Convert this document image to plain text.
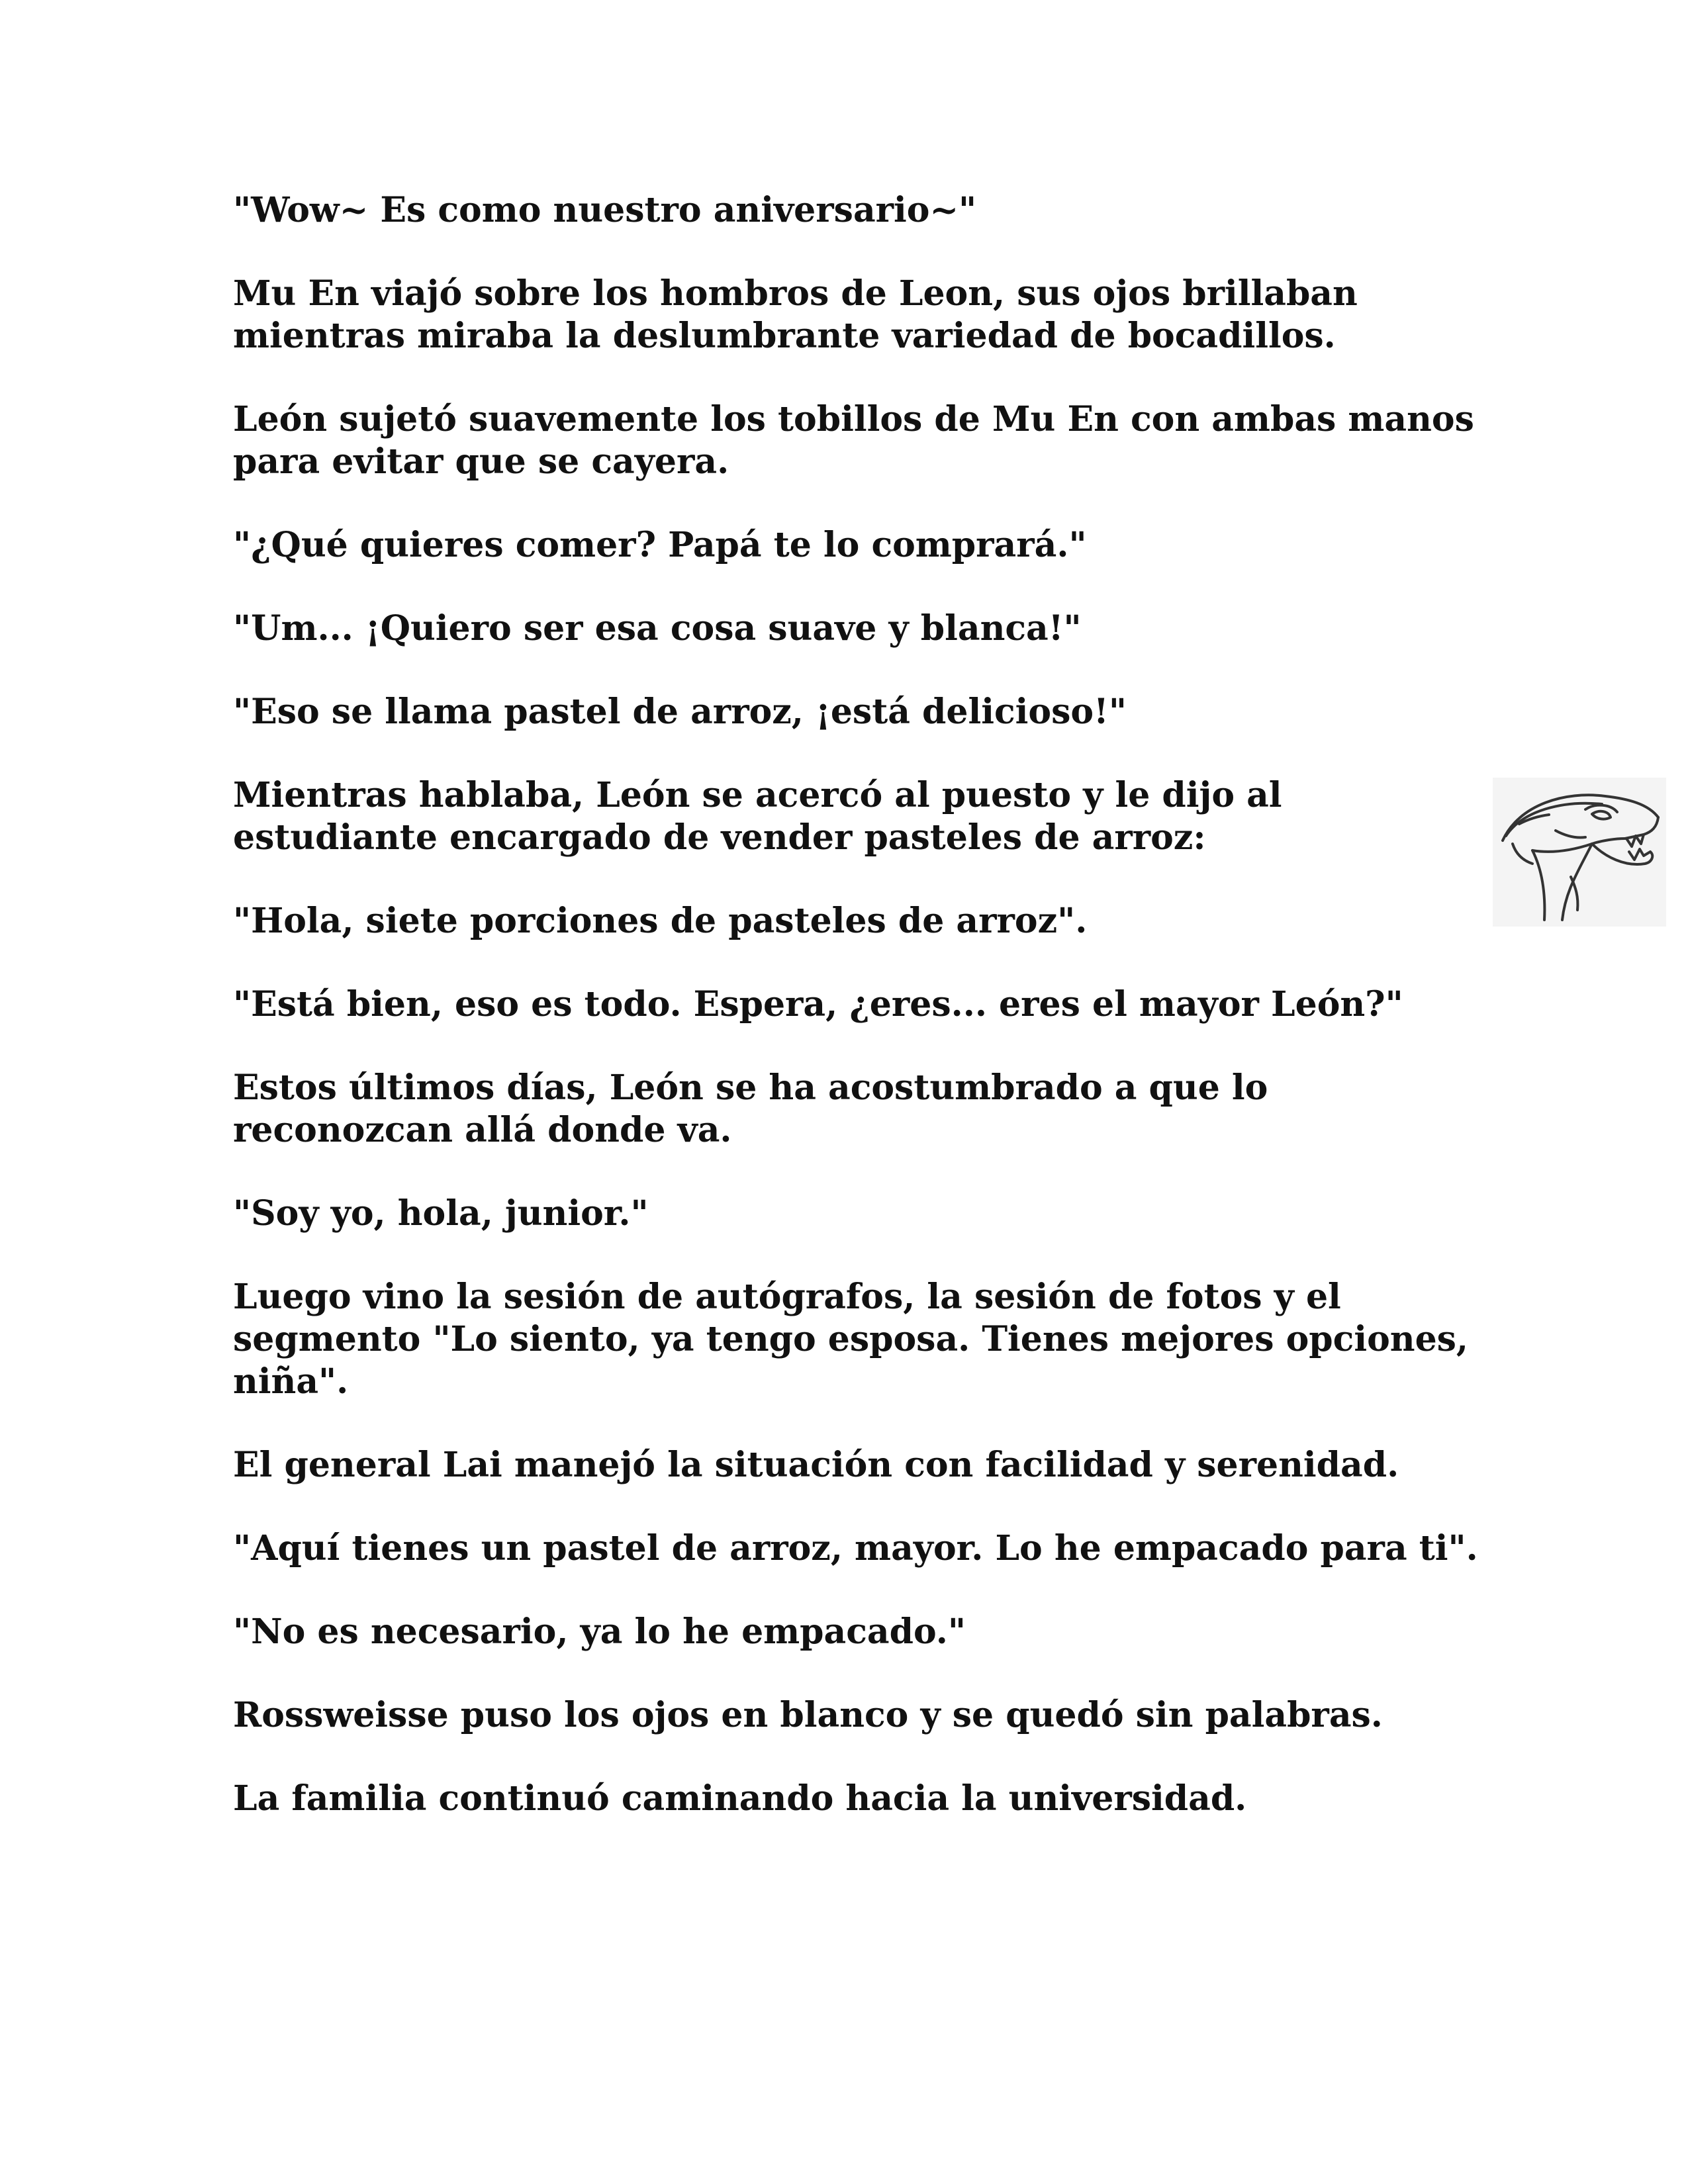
"Wow~ Es como nuestro aniversario~"

Mu En viajó sobre los hombros de Leon, sus ojos brillaban mientras miraba la deslumbrante variedad de bocadillos.

León sujetó suavemente los tobillos de Mu En con ambas manos para evitar que se cayera.

"¿Qué quieres comer? Papá te lo comprará."

"Um... ¡Quiero ser esa cosa suave y blanca!"

"Eso se llama pastel de arroz, ¡está delicioso!"

Mientras hablaba, León se acercó al puesto y le dijo al estudiante encargado de vender pasteles de arroz:

"Hola, siete porciones de pasteles de arroz".

"Está bien, eso es todo. Espera, ¿eres... eres el mayor León?"

Estos últimos días, León se ha acostumbrado a que lo reconozcan allá donde va.

"Soy yo, hola, junior."

Luego vino la sesión de autógrafos, la sesión de fotos y el segmento "Lo siento, ya tengo esposa. Tienes mejores opciones, niña".

El general Lai manejó la situación con facilidad y serenidad.

"Aquí tienes un pastel de arroz, mayor. Lo he empacado para ti".

"No es necesario, ya lo he empacado."

Rossweisse puso los ojos en blanco y se quedó sin palabras.

La familia continuó caminando hacia la universidad.
